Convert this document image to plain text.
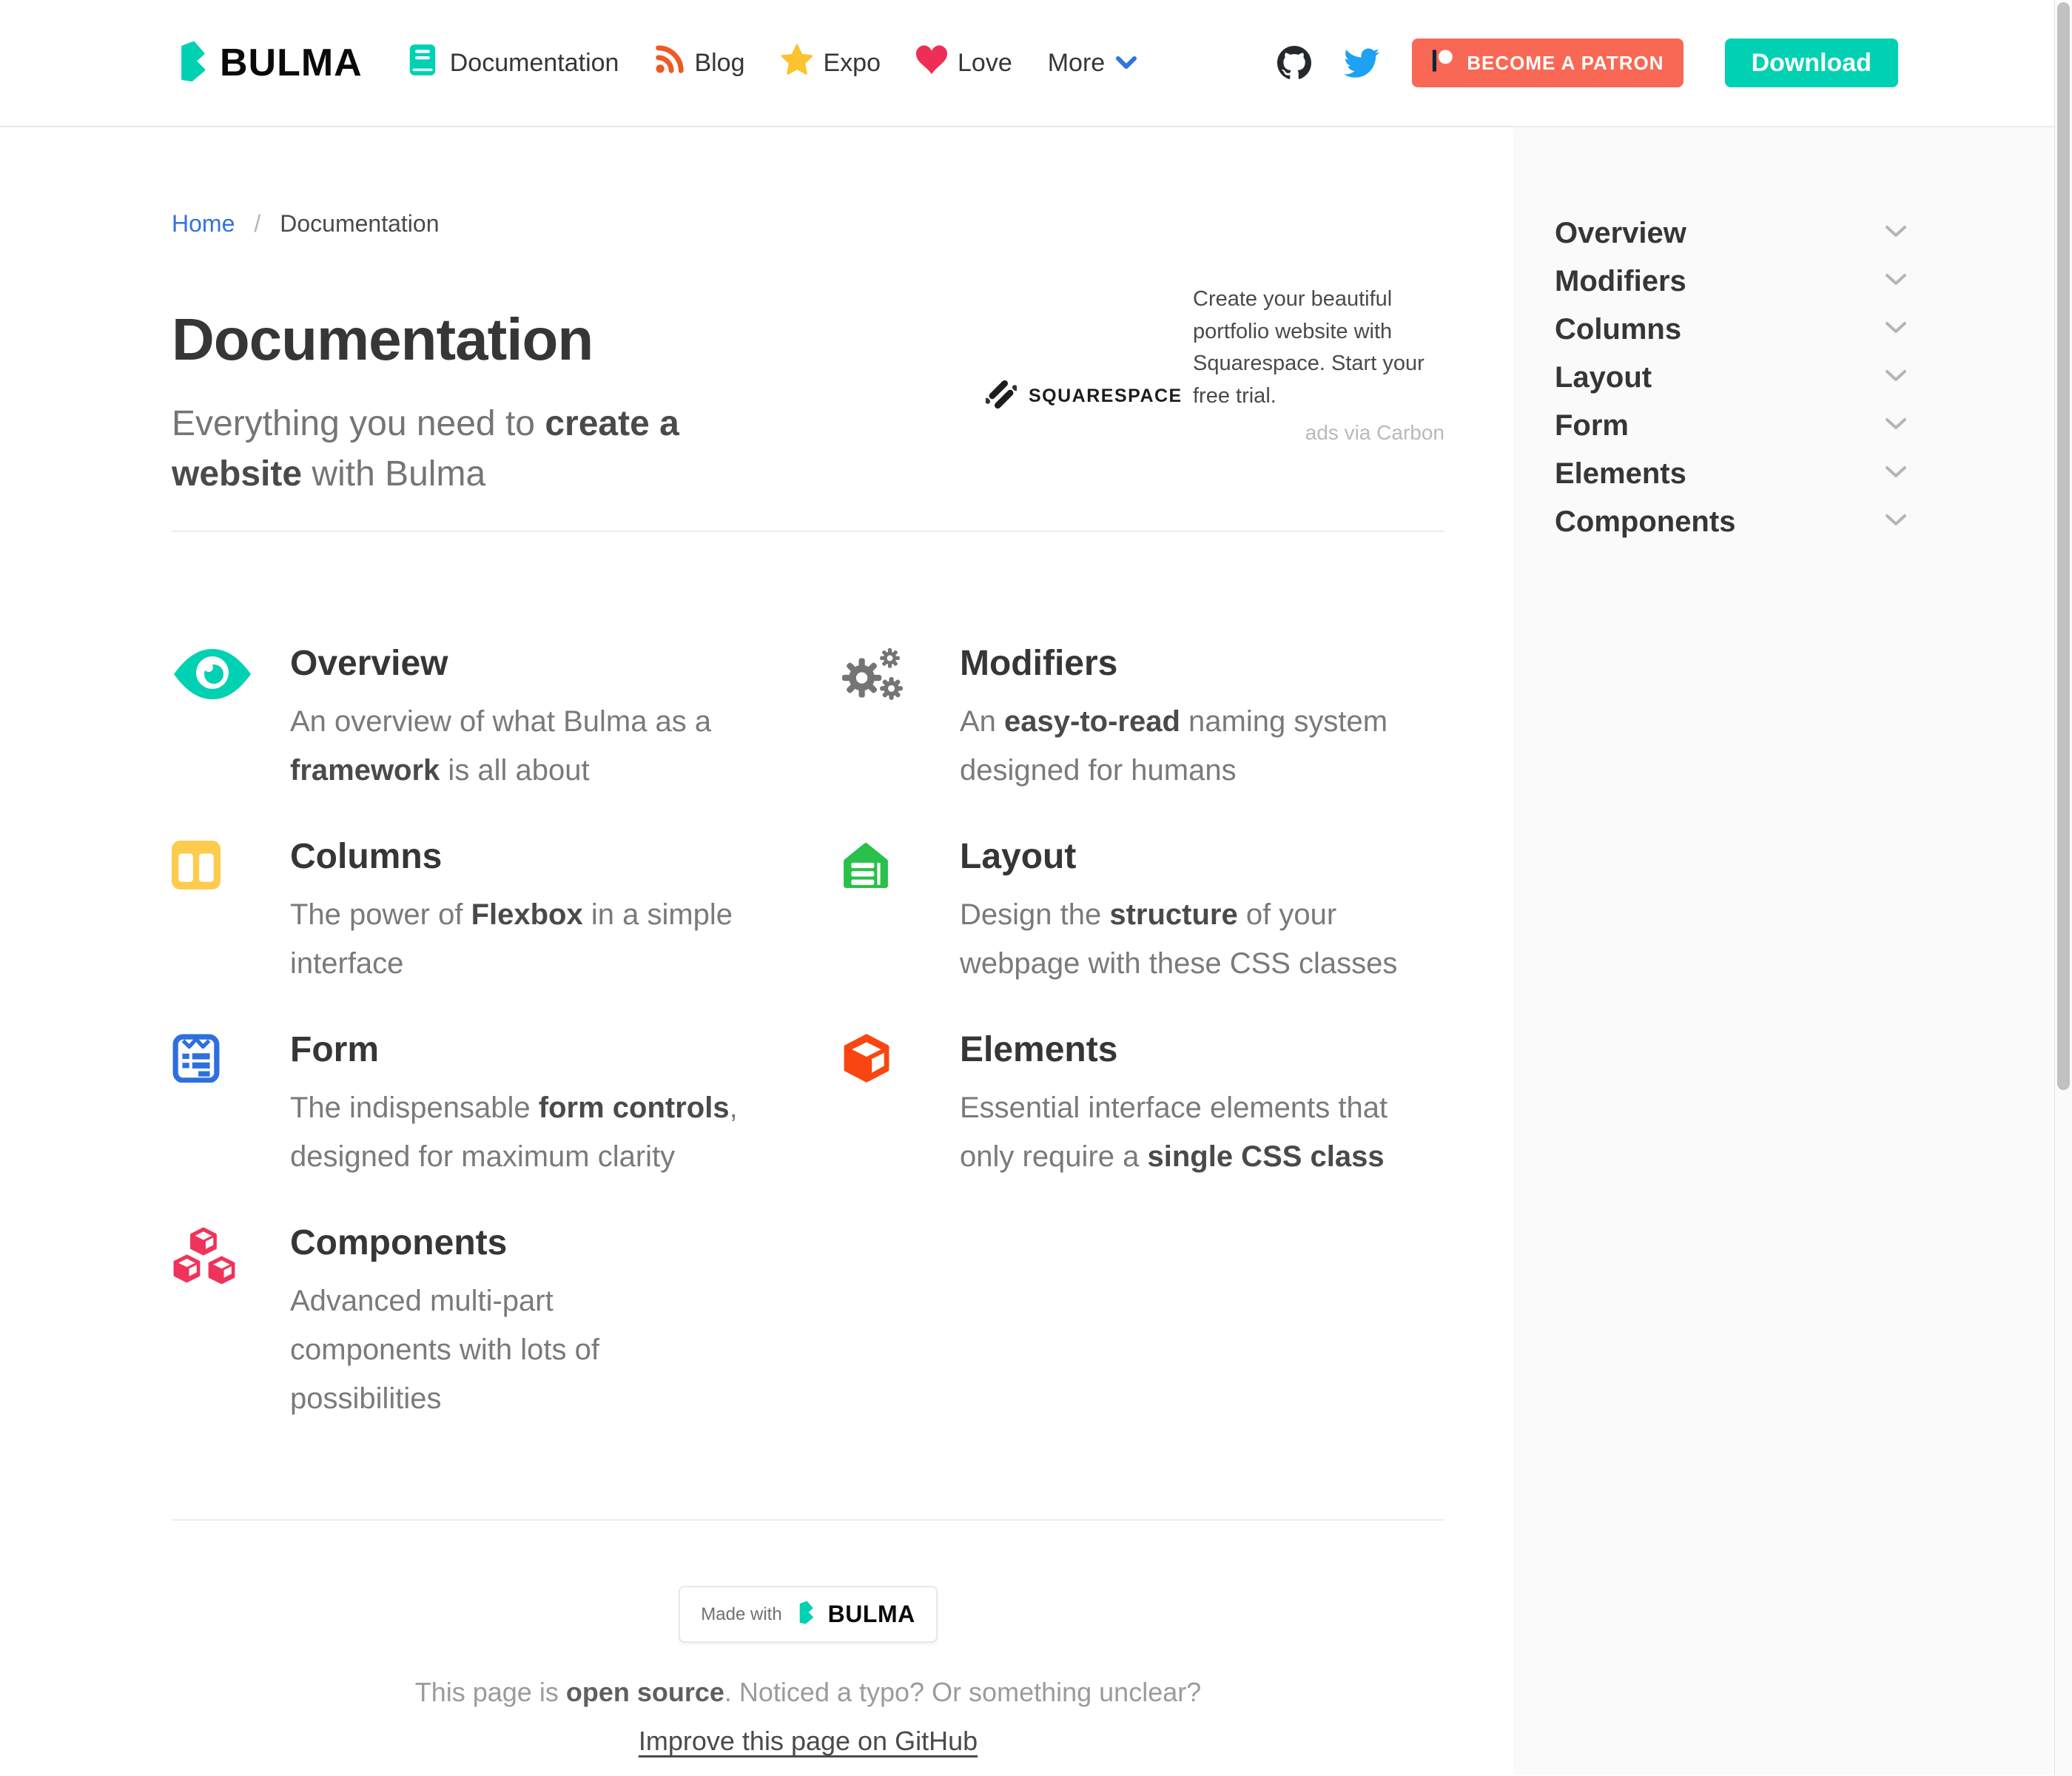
BULMA	Documentation	Blog	Expo	Love More	BECOME A PATRON	Download
Home / Documentation
Documentation
Everything you need to create a website with Bulma
SQUARESPACE
Create your beautiful portfolio website with Squarespace. Start your free trial.
ads via Carbon
Overview
An overview of what Bulma as a framework is all about
Modifiers
An easy-to-read naming system designed for humans
Columns
The power of Flexbox in a simple interface
Layout
Design the structure of your webpage with these CSS classes
Form
The indispensable form controls, designed for maximum clarity
Elements
Essential interface elements that only require a single CSS class
Components
Advanced multi-part components with lots of possibilities
Made with BULMA
This page is open source. Noticed a typo? Or something unclear?
Improve this page on GitHub
Overview
Modifiers
Columns
Layout
Form
Elements
Components
